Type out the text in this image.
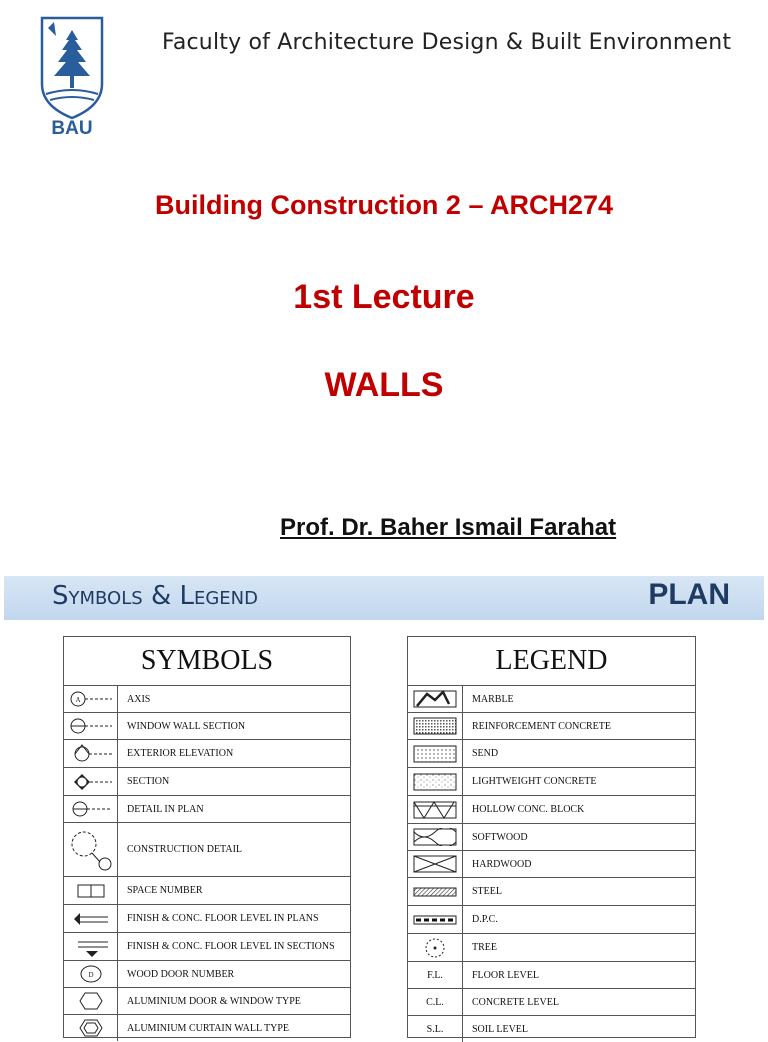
BAU
Faculty of Architecture Design & Built Environment
Building Construction 2 – ARCH274
1st Lecture
WALLS
Prof. Dr. Baher Ismail Farahat
Symbols & Legend	PLAN
SYMBOLS
A	AXIS
WINDOW WALL SECTION
EXTERIOR ELEVATION
SECTION
DETAIL IN PLAN
CONSTRUCTION DETAIL
SPACE NUMBER
FINISH & CONC. FLOOR LEVEL IN PLANS
FINISH & CONC. FLOOR LEVEL IN SECTIONS
D	WOOD DOOR NUMBER
ALUMINIUM DOOR & WINDOW TYPE
ALUMINIUM CURTAIN WALL TYPE
LEGEND
MARBLE
REINFORCEMENT CONCRETE
SEND
LIGHTWEIGHT CONCRETE
HOLLOW CONC. BLOCK
SOFTWOOD
HARDWOOD
STEEL
D.P.C.
TREE
F.L.	FLOOR LEVEL
C.L.	CONCRETE LEVEL
S.L.	SOIL LEVEL
